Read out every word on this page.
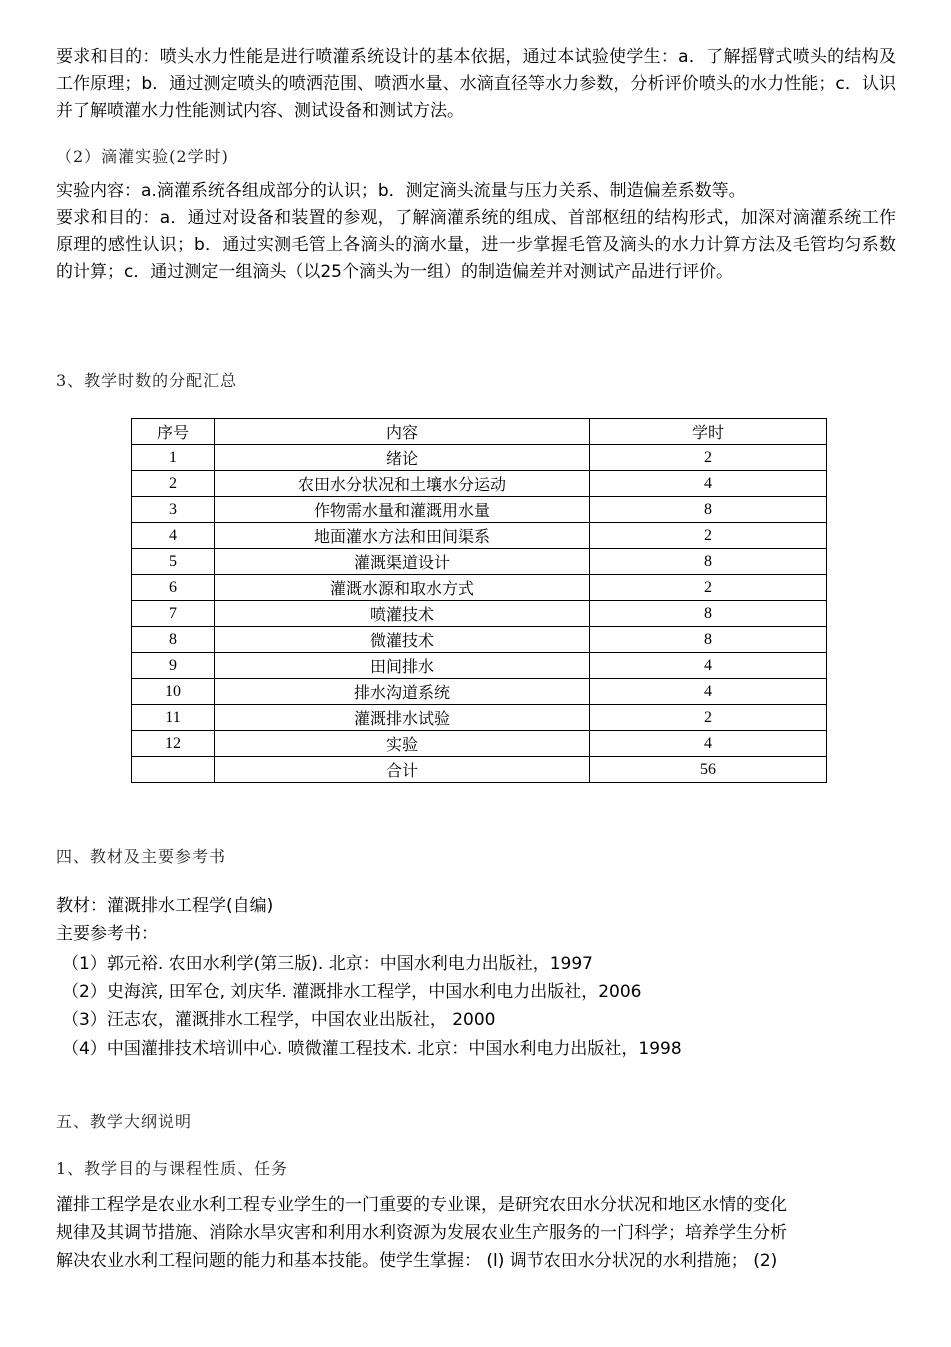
要求和目的：喷头水力性能是进行喷灌系统设计的基本依据，通过本试验使学生：a．了解摇臂式喷头的结构及工作原理；b．通过测定喷头的喷洒范围、喷洒水量、水滴直径等水力参数，分析评价喷头的水力性能；c．认识并了解喷灌水力性能测试内容、测试设备和测试方法。

（2）滴灌实验(2学时)

实验内容：a.滴灌系统各组成部分的认识；b．测定滴头流量与压力关系、制造偏差系数等。

要求和目的：a．通过对设备和装置的参观，了解滴灌系统的组成、首部枢纽的结构形式，加深对滴灌系统工作原理的感性认识；b．通过实测毛管上各滴头的滴水量，进一步掌握毛管及滴头的水力计算方法及毛管均匀系数的计算；c．通过测定一组滴头（以25个滴头为一组）的制造偏差并对测试产品进行评价。

3、教学时数的分配汇总
序号	内容	学时
1	绪论	2
2	农田水分状况和土壤水分运动	4
3	作物需水量和灌溉用水量	8
4	地面灌水方法和田间渠系	2
5	灌溉渠道设计	8
6	灌溉水源和取水方式	2
7	喷灌技术	8
8	微灌技术	8
9	田间排水	4
10	排水沟道系统	4
11	灌溉排水试验	2
12	实验	4
	合计	56
四、教材及主要参考书
教材：灌溉排水工程学(自编)
主要参考书：
（1）郭元裕. 农田水利学(第三版). 北京：中国水利电力出版社，1997
（2）史海滨, 田军仓, 刘庆华. 灌溉排水工程学，中国水利电力出版社，2006
（3）汪志农，灌溉排水工程学，中国农业出版社， 2000
（4）中国灌排技术培训中心. 喷微灌工程技术. 北京：中国水利电力出版社，1998
五、教学大纲说明
1、教学目的与课程性质、任务
灌排工程学是农业水利工程专业学生的一门重要的专业课，是研究农田水分状况和地区水情的变化
规律及其调节措施、消除水旱灾害和利用水利资源为发展农业生产服务的一门科学；培养学生分析
解决农业水利工程问题的能力和基本技能。使学生掌握： (l) 调节农田水分状况的水利措施； (2)
